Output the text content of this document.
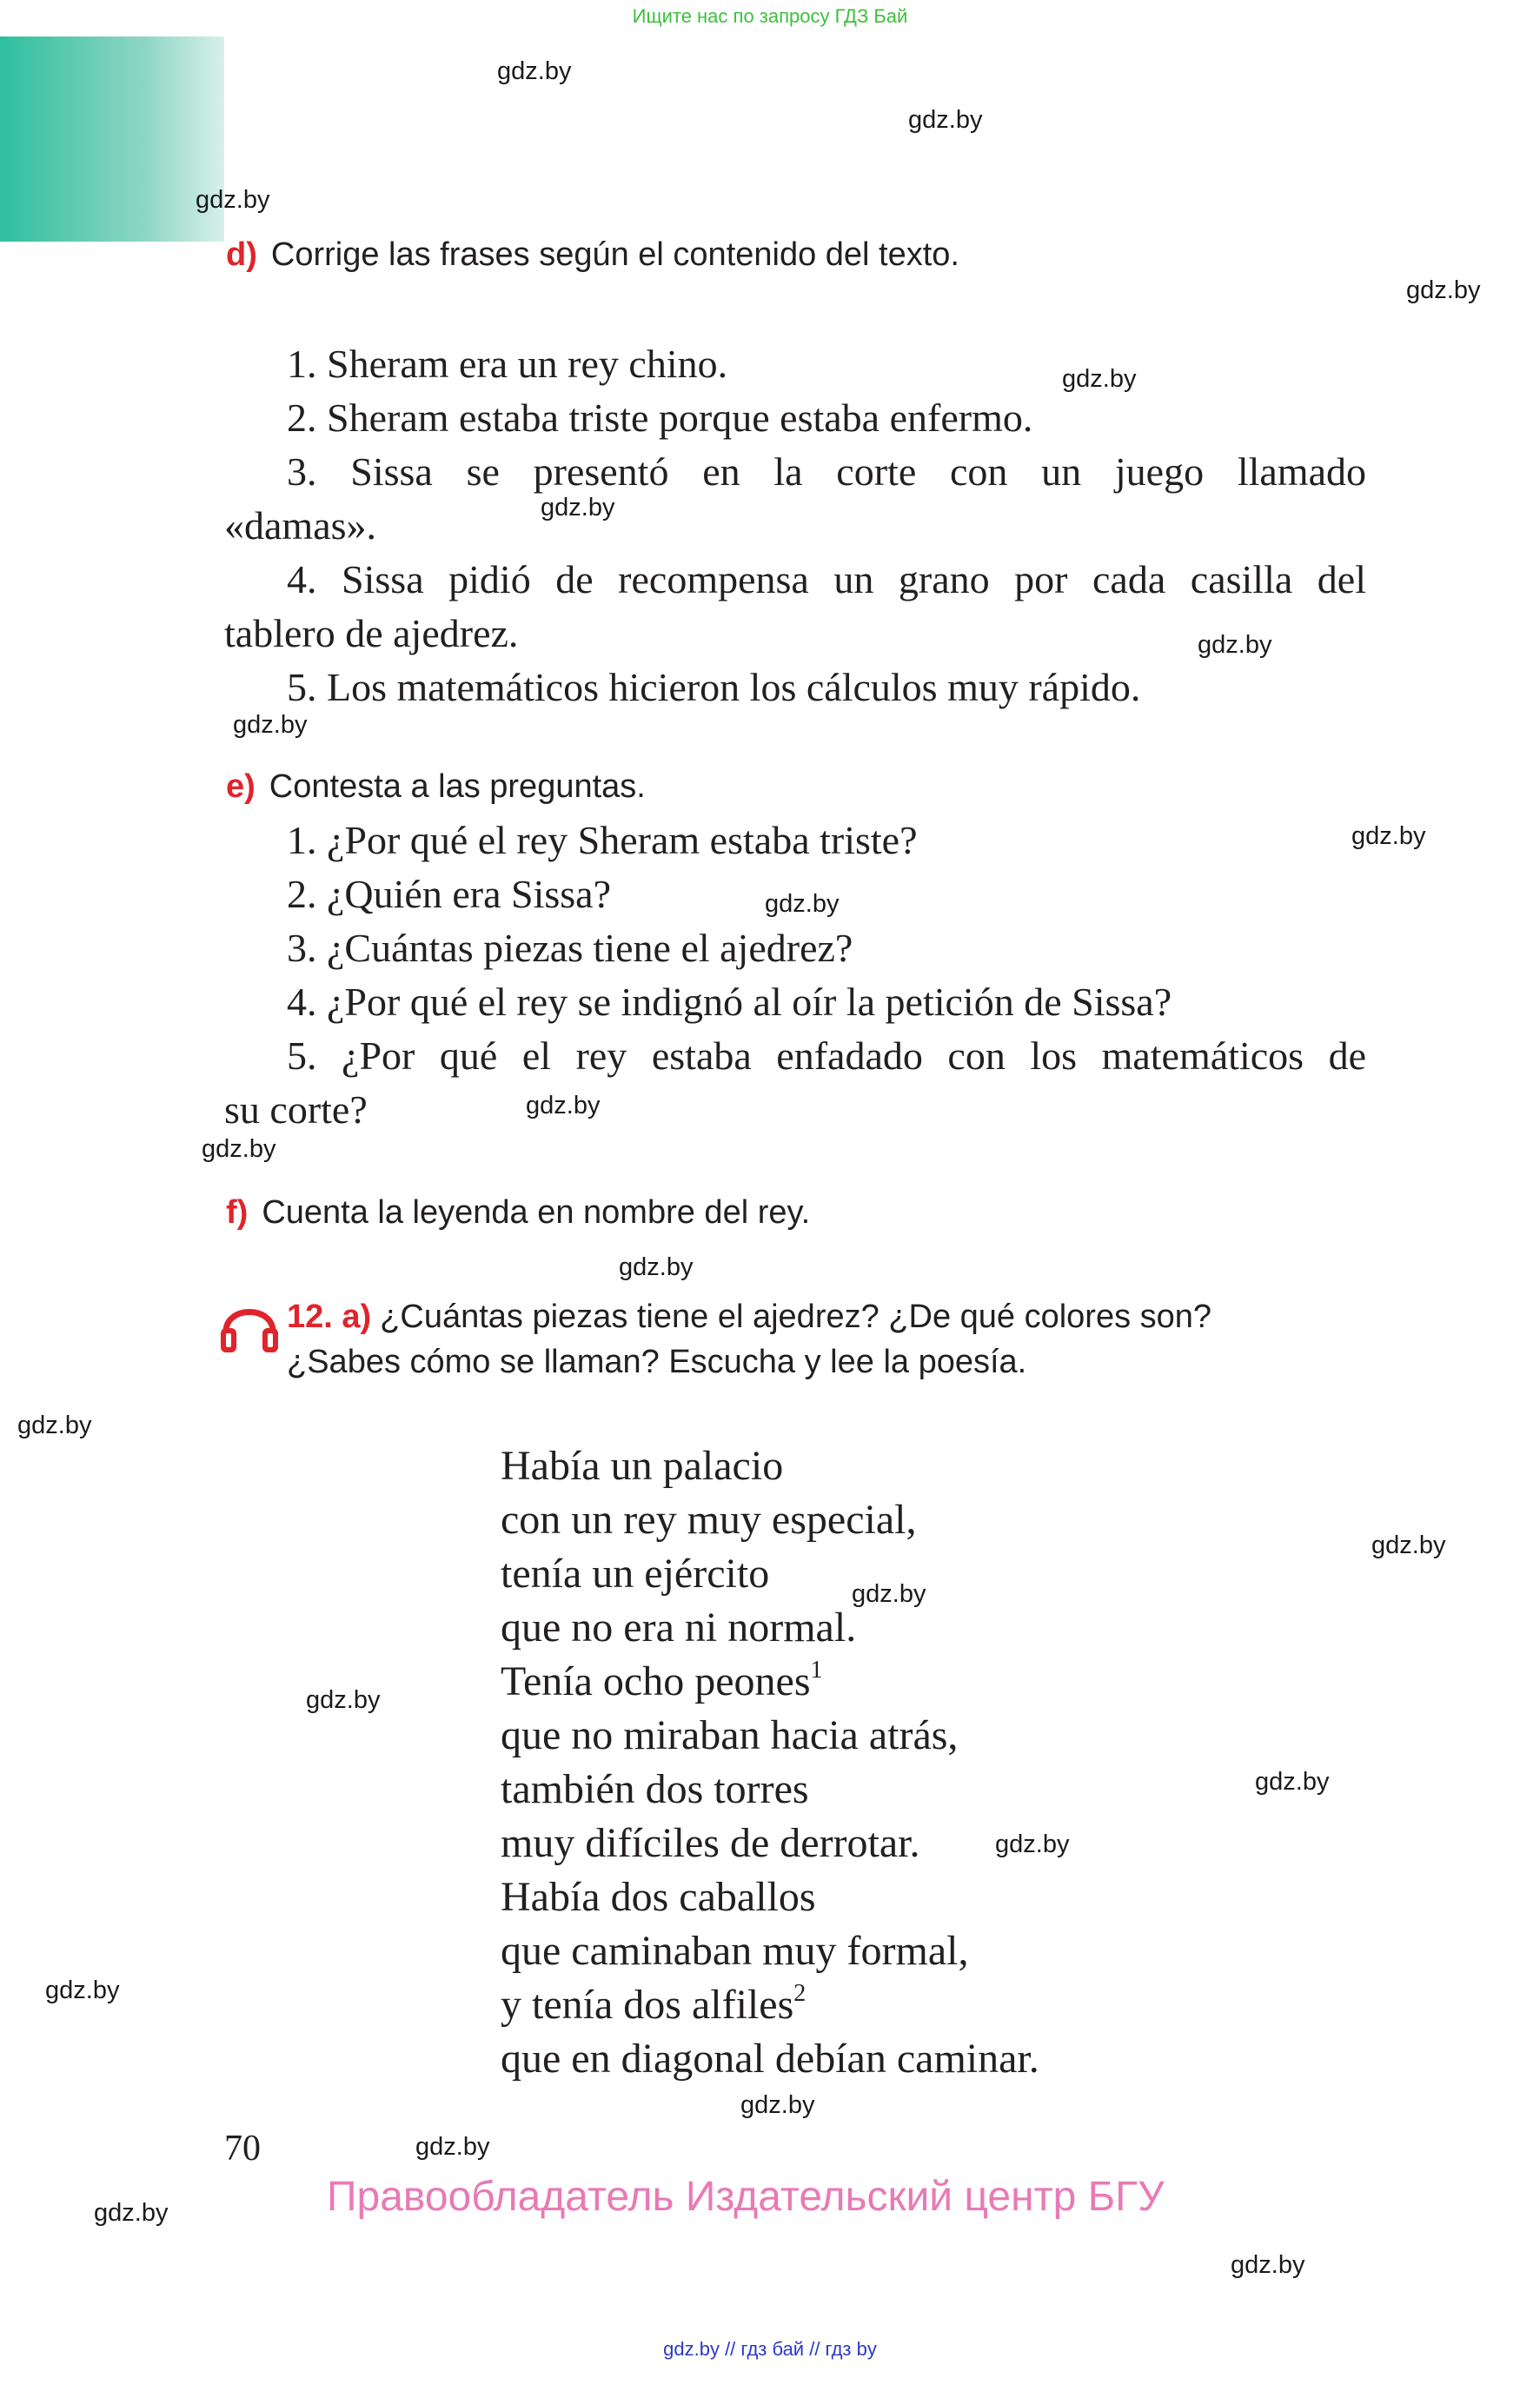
Ищите нас по запросу ГДЗ Бай
gdz.by
gdz.by
gdz.by
gdz.by
gdz.by
gdz.by
gdz.by
gdz.by
gdz.by
gdz.by
gdz.by
gdz.by
gdz.by
gdz.by
gdz.by
gdz.by
gdz.by
gdz.by
gdz.by
gdz.by
gdz.by
gdz.by
gdz.by
gdz.by
d) Corrige las frases según el contenido del texto.
1. Sheram era un rey chino.
2. Sheram estaba triste porque estaba enfermo.
3. Sissa se presentó en la corte con un juego llamado
«damas».
4. Sissa pidió de recompensa un grano por cada casilla del
tablero de ajedrez.
5. Los matemáticos hicieron los cálculos muy rápido.
e) Contesta a las preguntas.
1. ¿Por qué el rey Sheram estaba triste?
2. ¿Quién era Sissa?
3. ¿Cuántas piezas tiene el ajedrez?
4. ¿Por qué el rey se indignó al oír la petición de Sissa?
5. ¿Por qué el rey estaba enfadado con los matemáticos de
su corte?
f) Cuenta la leyenda en nombre del rey.
12. a) ¿Cuántas piezas tiene el ajedrez? ¿De qué colores son?
¿Sabes cómo se llaman? Escucha y lee la poesía.
Había un palacio
con un rey muy especial,
tenía un ejército
que no era ni normal.
Tenía ocho peones$^1$
que no miraban hacia atrás,
también dos torres
muy difíciles de derrotar.
Había dos caballos
que caminaban muy formal,
y tenía dos alfiles$^2$
que en diagonal debían caminar.
70
Правообладатель Издательский центр БГУ
gdz.by // гдз бай // гдз by
